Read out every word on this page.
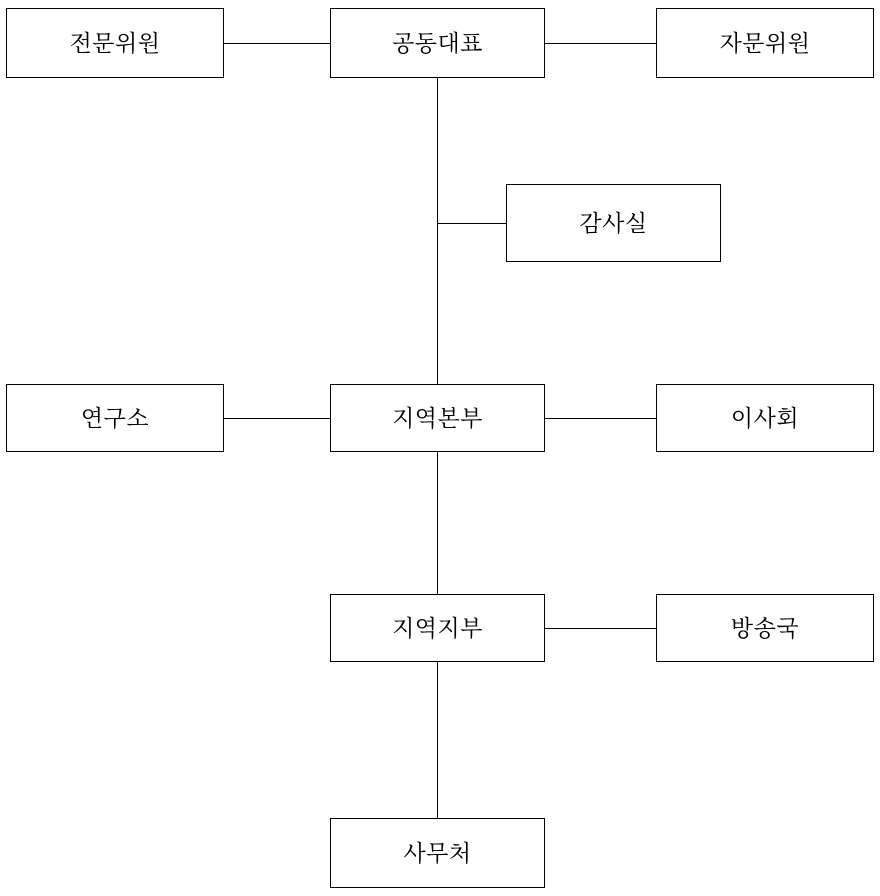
전문위원	공동대표	자문위원
감사실
연구소	지역본부	이사회
지역지부	방송국
사무처
